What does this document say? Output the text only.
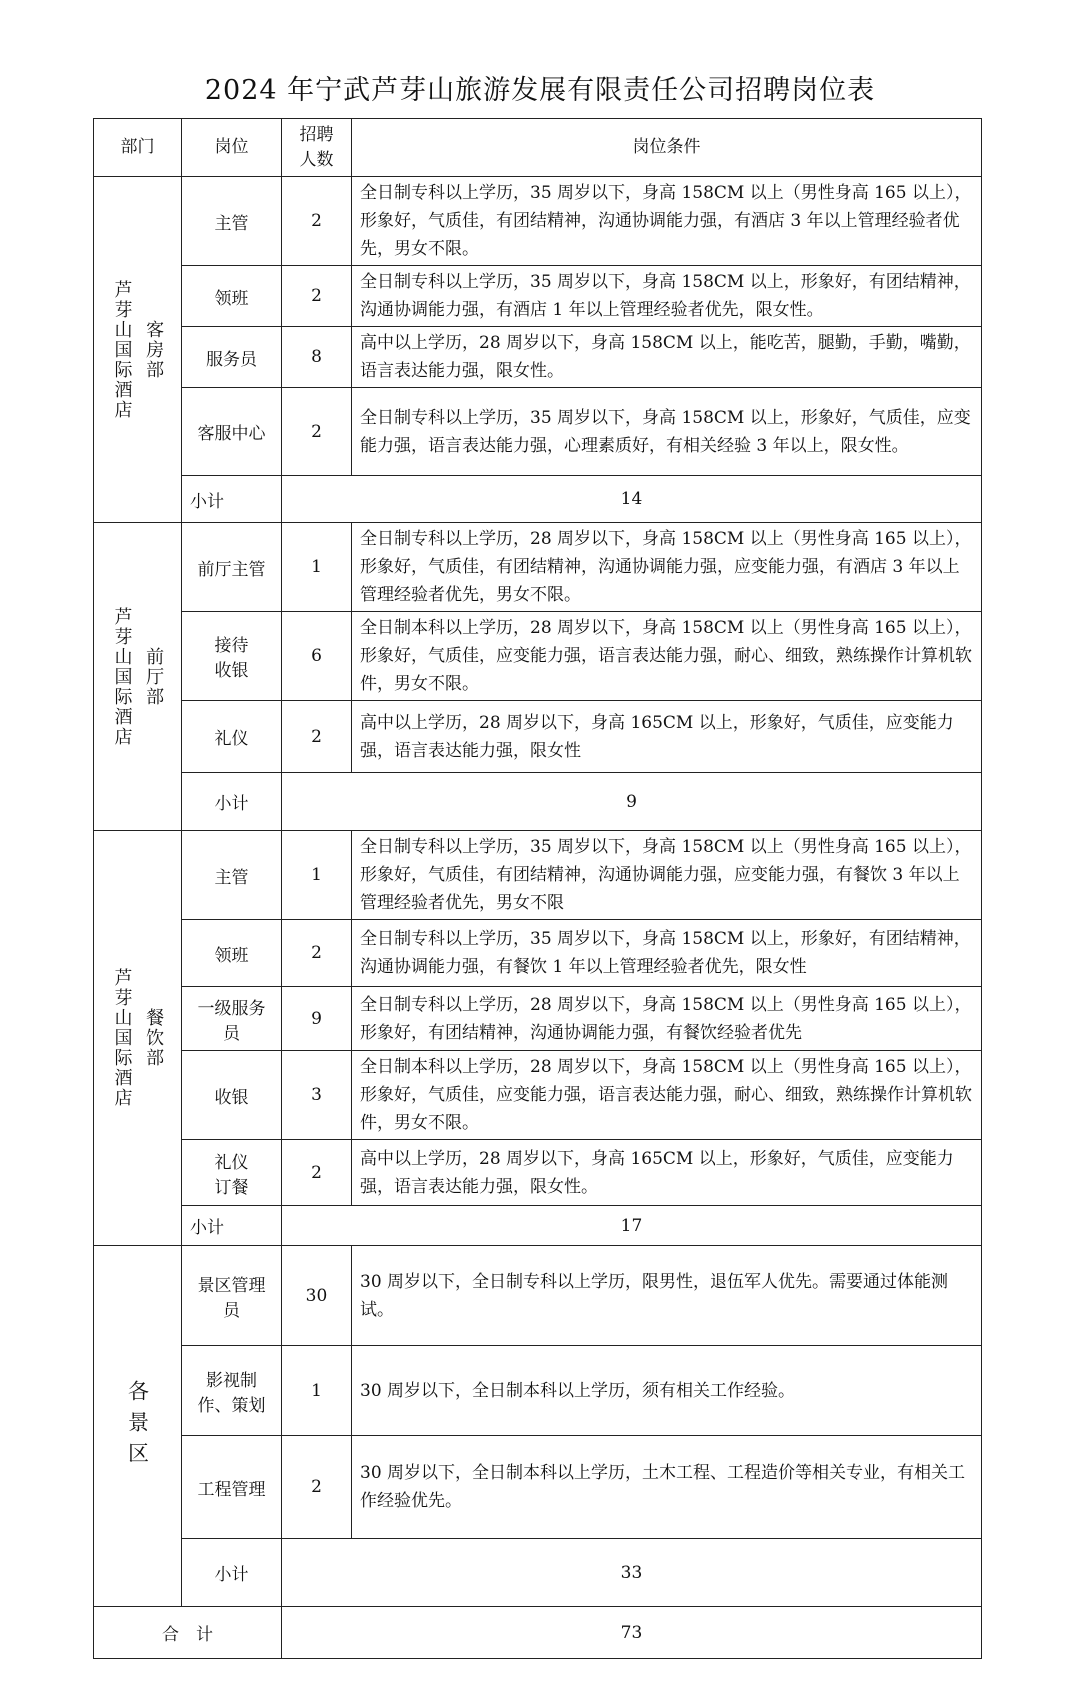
2024 年宁武芦芽山旅游发展有限责任公司招聘岗位表
部门	岗位	招聘人数	岗位条件

芦芽山国际酒店 客房部	主管	2	全日制专科以上学历，35 周岁以下，身高 158CM 以上（男性身高 165 以上），形象好，气质佳，有团结精神，沟通协调能力强，有酒店 3 年以上管理经验者优先，男女不限。
	领班	2	全日制专科以上学历，35 周岁以下，身高 158CM 以上，形象好，有团结精神，沟通协调能力强，有酒店 1 年以上管理经验者优先，限女性。
	服务员	8	高中以上学历，28 周岁以下，身高 158CM 以上，能吃苦，腿勤，手勤，嘴勤，语言表达能力强，限女性。
	客服中心	2	全日制专科以上学历，35 周岁以下，身高 158CM 以上，形象好，气质佳，应变能力强，语言表达能力强，心理素质好，有相关经验 3 年以上，限女性。
	小计	14	

芦芽山国际酒店 前厅部	前厅主管	1	全日制专科以上学历，28 周岁以下，身高 158CM 以上（男性身高 165 以上），形象好，气质佳，有团结精神，沟通协调能力强，应变能力强，有酒店 3 年以上管理经验者优先，男女不限。
	接待收银	6	全日制本科以上学历，28 周岁以下，身高 158CM 以上（男性身高 165 以上），形象好，气质佳，应变能力强，语言表达能力强，耐心、细致，熟练操作计算机软件，男女不限。
	礼仪	2	高中以上学历，28 周岁以下，身高 165CM 以上，形象好，气质佳，应变能力强，语言表达能力强，限女性
	小计	9	

芦芽山国际酒店 餐饮部	主管	1	全日制专科以上学历，35 周岁以下，身高 158CM 以上（男性身高 165 以上），形象好，气质佳，有团结精神，沟通协调能力强，应变能力强，有餐饮 3 年以上管理经验者优先，男女不限
	领班	2	全日制专科以上学历，35 周岁以下，身高 158CM 以上，形象好，有团结精神，沟通协调能力强，有餐饮 1 年以上管理经验者优先，限女性
	一级服务员	9	全日制专科以上学历，28 周岁以下，身高 158CM 以上（男性身高 165 以上），形象好，有团结精神，沟通协调能力强，有餐饮经验者优先
	收银	3	全日制本科以上学历，28 周岁以下，身高 158CM 以上（男性身高 165 以上），形象好，气质佳，应变能力强，语言表达能力强，耐心、细致，熟练操作计算机软件，男女不限。
	礼仪订餐	2	高中以上学历，28 周岁以下，身高 165CM 以上，形象好，气质佳，应变能力强，语言表达能力强，限女性。
	小计	17	

各景区	景区管理员	30	30 周岁以下，全日制专科以上学历，限男性，退伍军人优先。需要通过体能测试。
	影视制作、策划	1	30 周岁以下，全日制本科以上学历，须有相关工作经验。
	工程管理	2	30 周岁以下，全日制本科以上学历，土木工程、工程造价等相关专业，有相关工作经验优先。
	小计	33	
合　计		73	
